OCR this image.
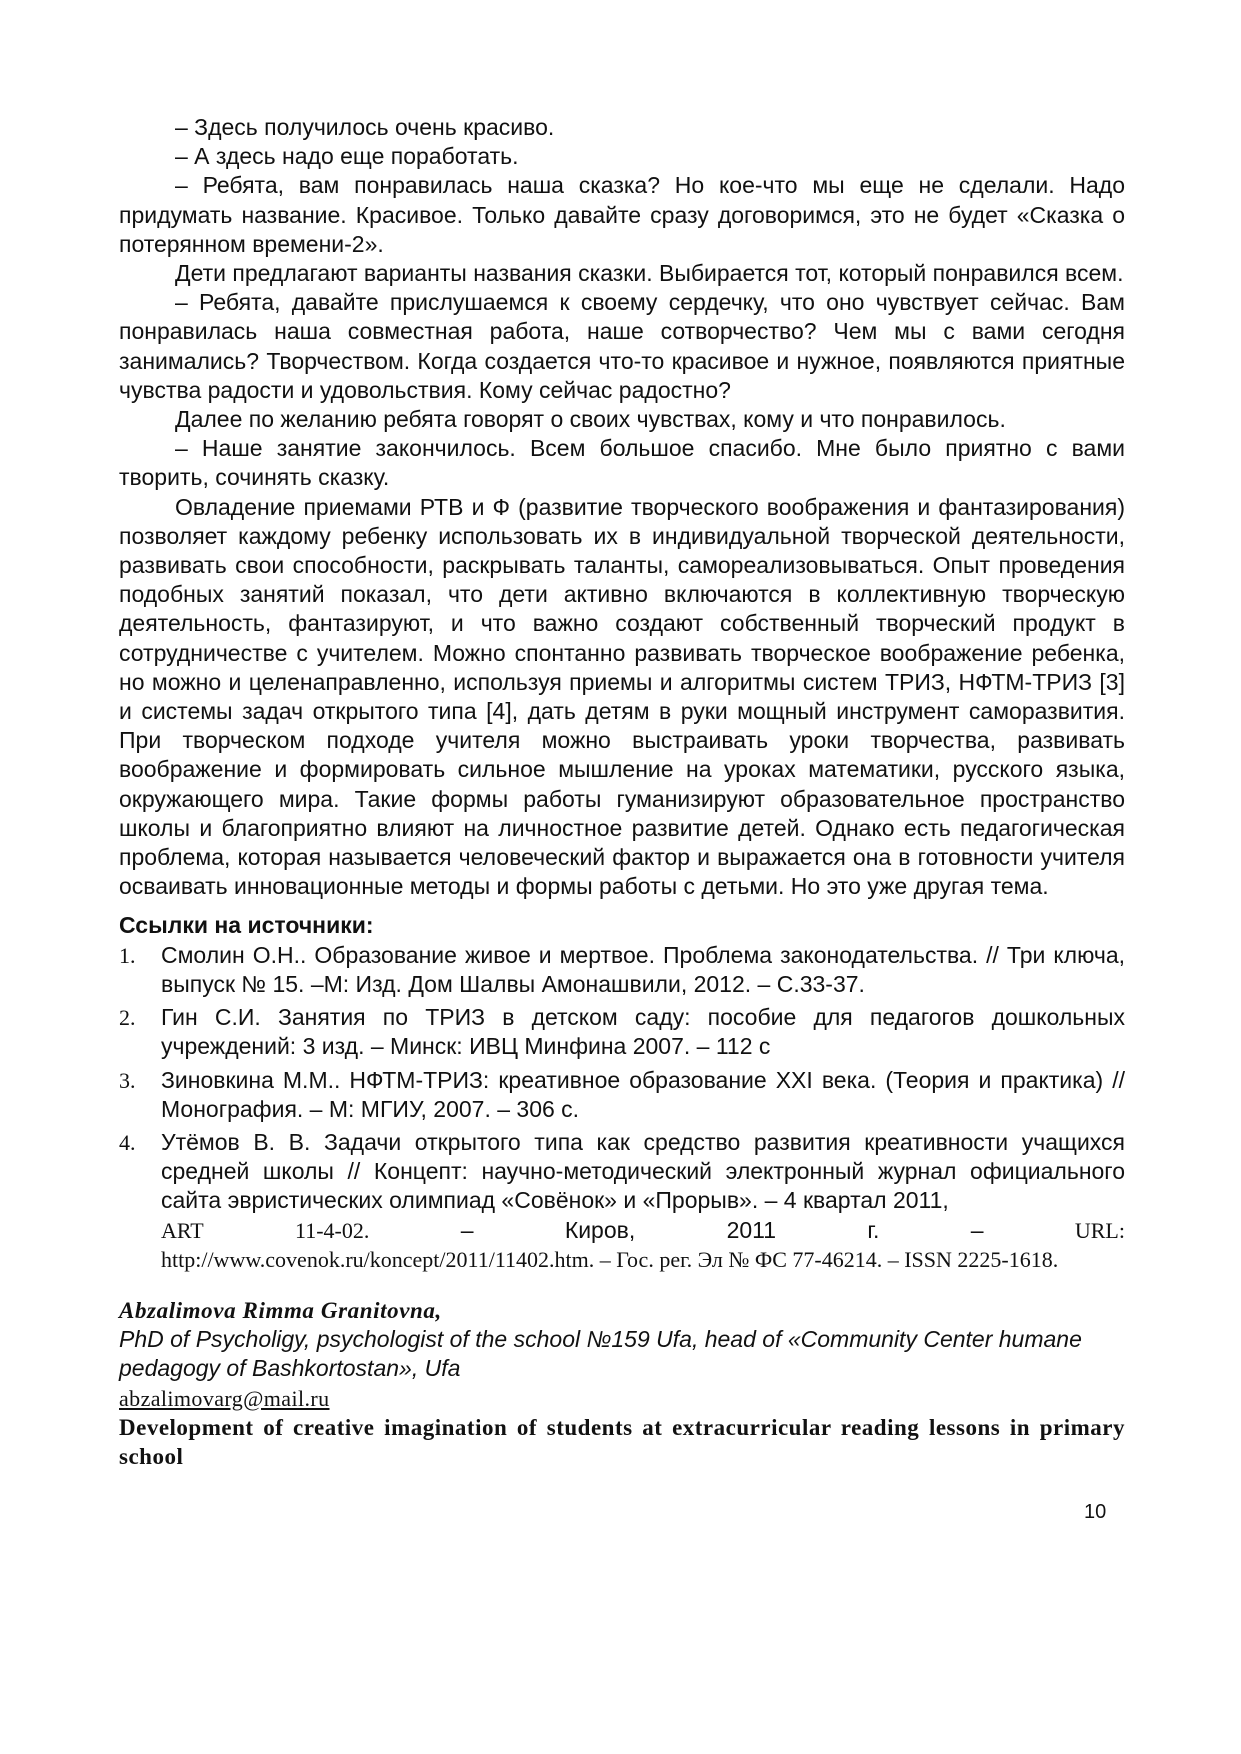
– Здесь получилось очень красиво.

– А здесь надо еще поработать.

– Ребята, вам понравилась наша сказка? Но кое-что мы еще не сделали. Надо придумать название. Красивое. Только давайте сразу договоримся, это не будет «Сказка о потерянном времени-2».

Дети предлагают варианты названия сказки. Выбирается тот, который понравился всем.

– Ребята, давайте прислушаемся к своему сердечку, что оно чувствует сейчас. Вам понравилась наша совместная работа, наше сотворчество? Чем мы с вами сегодня занимались? Творчеством. Когда создается что-то красивое и нужное, появляются приятные чувства радости и удовольствия. Кому сейчас радостно?

Далее по желанию ребята говорят о своих чувствах, кому и что понравилось.

– Наше занятие закончилось. Всем большое спасибо. Мне было приятно с вами творить, сочинять сказку.

Овладение приемами РТВ и Ф (развитие творческого воображения и фантазирования) позволяет каждому ребенку использовать их в индивидуальной творческой деятельности, развивать свои способности, раскрывать таланты, самореализовываться. Опыт проведения подобных занятий показал, что дети активно включаются в коллективную творческую деятельность, фантазируют, и что важно создают собственный творческий продукт в сотрудничестве с учителем. Можно спонтанно развивать творческое воображение ребенка, но можно и целенаправленно, используя приемы и алгоритмы систем ТРИЗ, НФТМ-ТРИЗ [3] и системы задач открытого типа [4], дать детям в руки мощный инструмент саморазвития. При творческом подходе учителя можно выстраивать уроки творчества, развивать воображение и формировать сильное мышление на уроках математики, русского языка, окружающего мира. Такие формы работы гуманизируют образовательное пространство школы и благоприятно влияют на личностное развитие детей. Однако есть педагогическая проблема, которая называется человеческий фактор и выражается она в готовности учителя осваивать инновационные методы и формы работы с детьми. Но это уже другая тема.

Ссылки на источники:
1. Смолин О.Н.. Образование живое и мертвое. Проблема законодательства. // Три ключа, выпуск № 15. –М: Изд. Дом Шалвы Амонашвили, 2012. – С.33-37.
2. Гин С.И. Занятия по ТРИЗ в детском саду: пособие для педагогов дошкольных учреждений: 3 изд. – Минск: ИВЦ Минфина 2007. – 112 с
3. Зиновкина М.М.. НФТМ-ТРИЗ: креативное образование XXI века. (Теория и практика) // Монография. – М: МГИУ, 2007. – 306 с.
4. Утёмов В. В. Задачи открытого типа как средство развития креативности учащихся средней школы // Концепт: научно-методический электронный журнал официального сайта эвристических олимпиад «Совёнок» и «Прорыв». – 4 квартал 2011,
ART	11-4-02.	–	Киров,	2011	г.	–	URL:
http://www.covenok.ru/koncept/2011/11402.htm. – Гос. рег. Эл № ФС 77-46214. – ISSN 2225-1618.
Abzalimova Rimma Granitovna,
PhD of Psycholigy, psychologist of the school №159 Ufa, head of «Community Center humane pedagogy of Bashkortostan», Ufa
abzalimovarg@mail.ru
Development of creative imagination of students at extracurricular reading lessons in primary school
10
